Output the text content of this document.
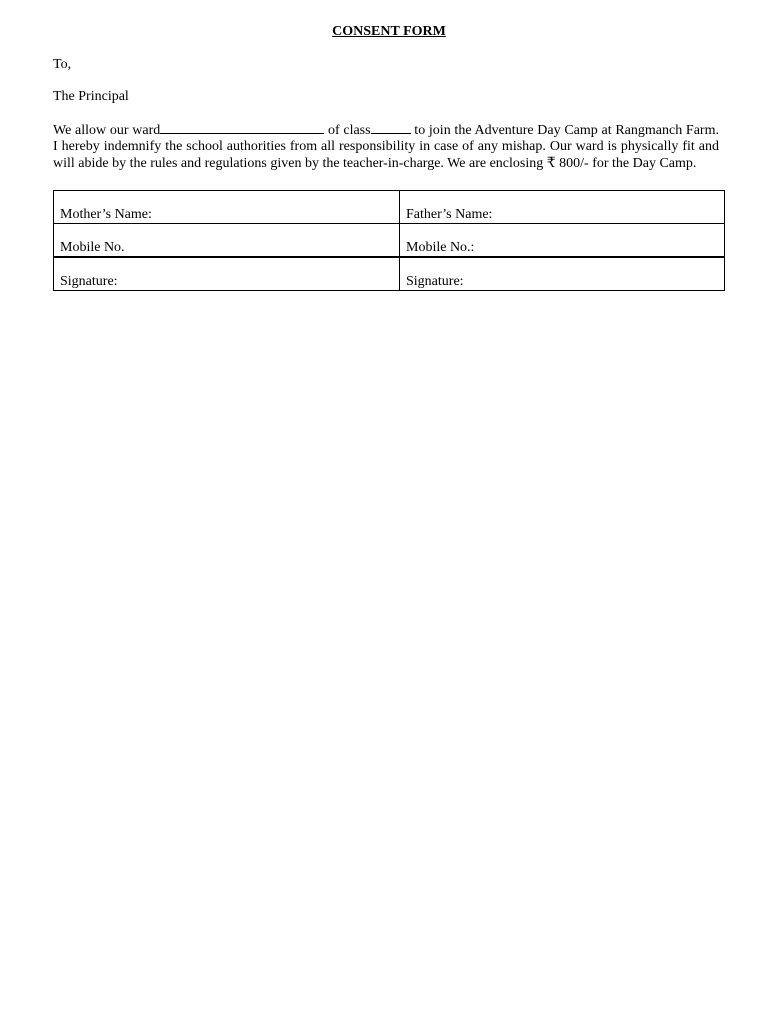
CONSENT FORM

To,

The Principal

We allow our ward	of class	to join the Adventure Day Camp at Rangmanch Farm. I hereby indemnify the school authorities from all responsibility in case of any mishap. Our ward is physically fit and will abide by the rules and regulations given by the teacher-in-charge. We are enclosing ₹ 800/- for the Day Camp.

Mother’s Name:	Father’s Name:
Mobile No.	Mobile No.:
Signature:	Signature:
